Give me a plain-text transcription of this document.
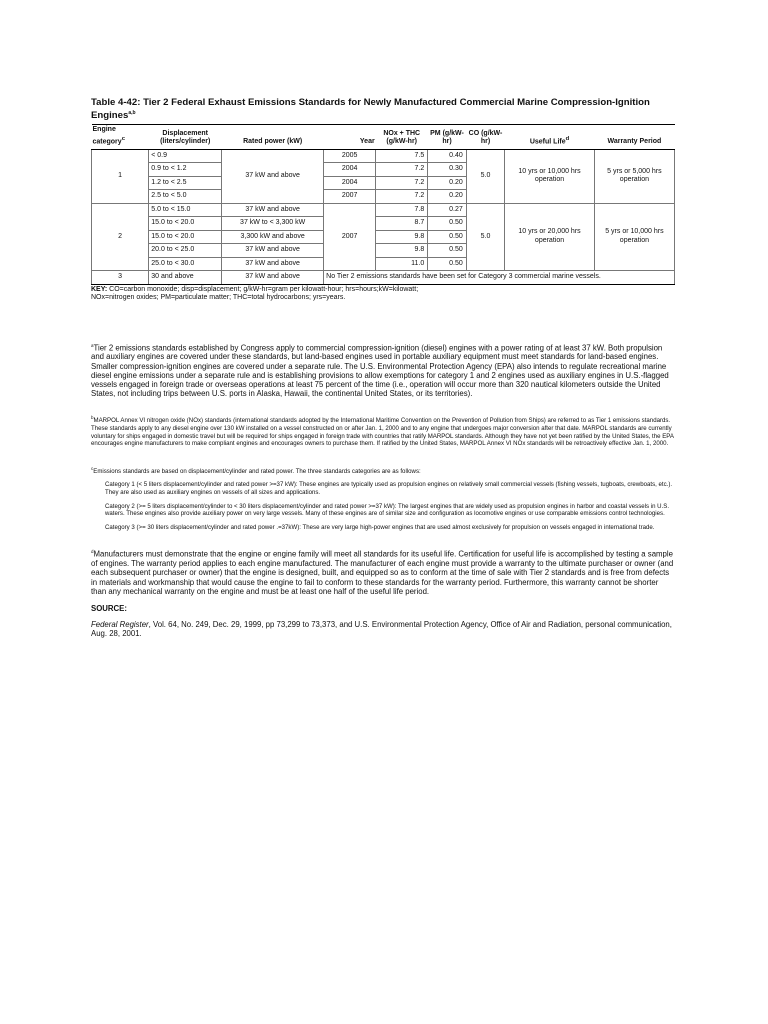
Table 4-42: Tier 2 Federal Exhaust Emissions Standards for Newly Manufactured Commercial Marine Compression-Ignition Engines$^{a,b}$
Engine category$^c$	Displacement (liters/cylinder)	Rated power (kW)	Year	NOx + THC (g/kW-hr)	PM (g/kW-hr)	CO (g/kW-hr)	Useful Life$^d$	Warranty Period
1	< 0.9	37 kW and above	2005	7.5	0.40	5.0	10 yrs or 10,000 hrs operation	5 yrs or 5,000 hrs operation
	0.9 to < 1.2		2004	7.2	0.30			
	1.2 to < 2.5		2004	7.2	0.20			
	2.5 to < 5.0		2007	7.2	0.20			
2	5.0 to < 15.0	37 kW and above	2007	7.8	0.27	5.0	10 yrs or 20,000 hrs operation	5 yrs or 10,000 hrs operation
	15.0 to < 20.0	37 kW to < 3,300 kW		8.7	0.50			
	15.0 to < 20.0	3,300 kW and above		9.8	0.50			
	20.0 to < 25.0	37 kW and above		9.8	0.50			
	25.0 to < 30.0	37 kW and above		11.0	0.50			
3	30 and above	37 kW and above	No Tier 2 emissions standards have been set for Category 3 commercial marine vessels.					
KEY: CO=carbon monoxide; disp=displacement; g/kW-hr=gram per kilowatt-hour; hrs=hours;kW=kilowatt;
NOx=nitrogen oxides; PM=particulate matter; THC=total hydrocarbons; yrs=years.

$^a$Tier 2 emissions standards established by Congress apply to commercial compression-ignition (diesel) engines with a power rating of at least 37 kW. Both propulsion and auxiliary engines are covered under these standards, but land-based engines used in portable auxiliary equipment must meet standards for land-based engines. Smaller compression-ignition engines are covered under a separate rule. The U.S. Environmental Protection Agency (EPA) also intends to regulate recreational marine diesel engine emissions under a separate rule and is establishing provisions to allow exemptions for category 1 and 2 engines used as auxiliary engines in U.S.-flagged vessels engaged in foreign trade or overseas operations at least 75 percent of the time (i.e., operation will occur more than 320 nautical kilometers outside the United States, not including trips between U.S. ports in Alaska, Hawaii, the continental United States, or its territories).

$^b$MARPOL Annex VI nitrogen oxide (NOx) standards (international standards adopted by the International Maritime Convention on the Prevention of Pollution from Ships) are referred to as Tier 1 emissions standards. These standards apply to any diesel engine over 130 kW installed on a vessel constructed on or after Jan. 1, 2000 and to any engine that undergoes major conversion after that date. MARPOL standards are currently voluntary for ships engaged in domestic travel but will be required for ships engaged in foreign trade with countries that ratify MARPOL standards. Although they have not yet been ratified by the United States, the EPA encourages engine manufacturers to make compliant engines and encourages owners to purchase them. If ratified by the United States, MARPOL Annex VI NOx standards will be retroactively effective Jan. 1, 2000.

$^c$Emissions standards are based on displacement/cylinder and rated power. The three standards categories are as follows:

Category 1 (< 5 liters displacement/cylinder and rated power >=37 kW): These engines are typically used as propulsion engines on relatively small commercial vessels (fishing vessels, tugboats, crewboats, etc.). They are also used as auxiliary engines on vessels of all sizes and applications.

Category 2 (>= 5 liters displacement/cylinder to < 30 liters displacement/cylinder and rated power >=37 kW): The largest engines that are widely used as propulsion engines in harbor and coastal vessels in U.S. waters. These engines also provide auxiliary power on very large vessels. Many of these engines are of similar size and configuration as locomotive engines or use comparable emissions control technologies.

Category 3 (>= 30 liters displacement/cylinder and rated power .=37kW): These are very large high-power engines that are used almost exclusively for propulsion on vessels engaged in international trade.

$^d$Manufacturers must demonstrate that the engine or engine family will meet all standards for its useful life. Certification for useful life is accomplished by testing a sample of engines. The warranty period applies to each engine manufactured. The manufacturer of each engine must provide a warranty to the ultimate purchaser or owner (and each subsequent purchaser or owner) that the engine is designed, built, and equipped so as to conform at the time of sale with Tier 2 standards and is free from defects in materials and workmanship that would cause the engine to fail to conform to these standards for the warranty period. Furthermore, this warranty cannot be shorter than any mechanical warranty on the engine and must be at least one half of the useful life period.

SOURCE:

Federal Register, Vol. 64, No. 249, Dec. 29, 1999, pp 73,299 to 73,373, and U.S. Environmental Protection Agency, Office of Air and Radiation, personal communication, Aug. 28, 2001.
